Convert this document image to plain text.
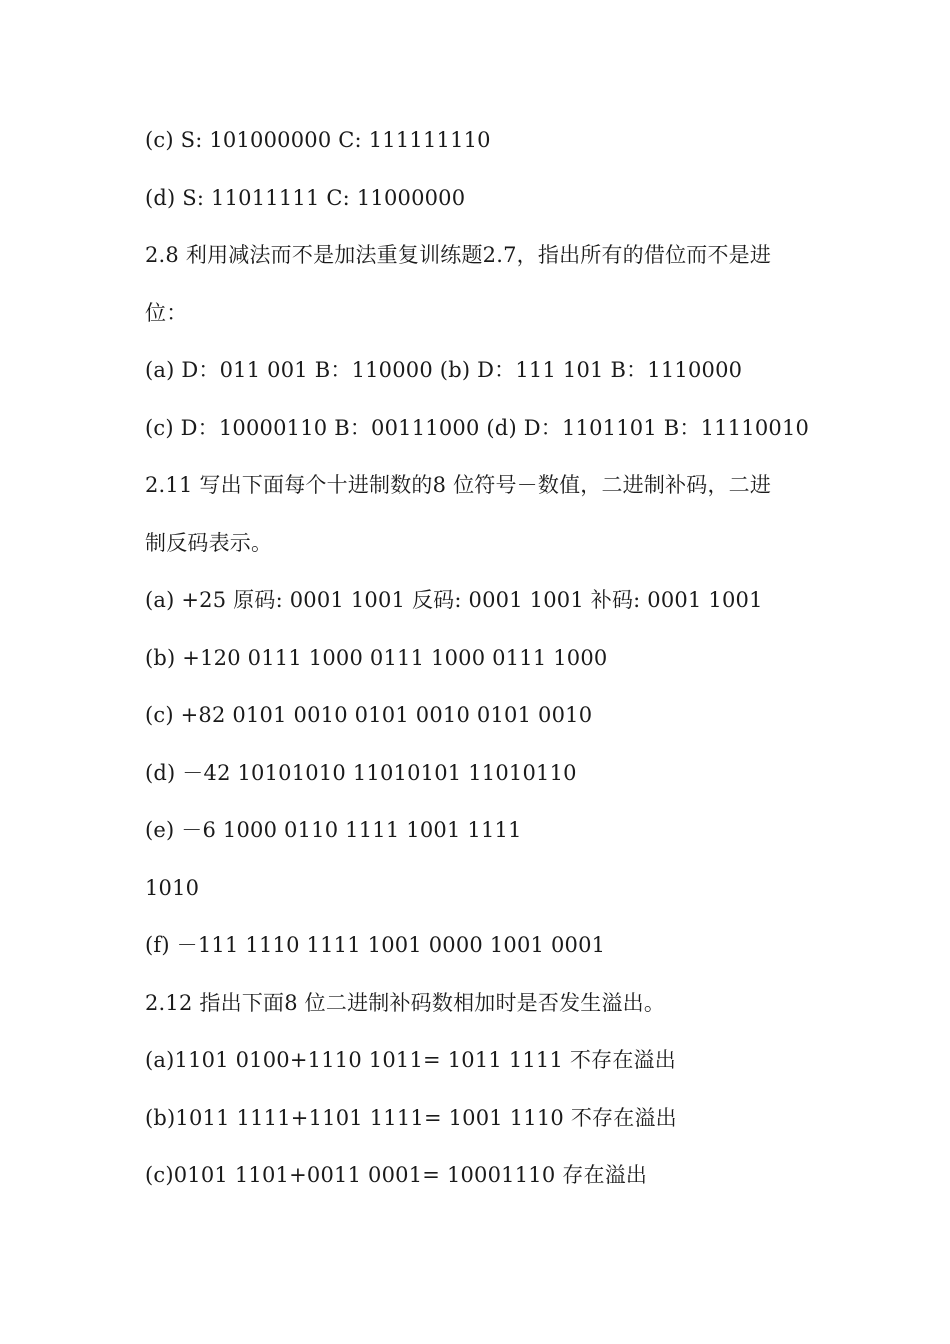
(c) S: 101000000 C: 111111110
(d) S: 11011111 C: 11000000
2.8 利用减法而不是加法重复训练题2.7，指出所有的借位而不是进
位：
(a) D：011 001 B：110000 (b) D：111 101 B：1110000
(c) D：10000110 B：00111000 (d) D：1101101 B：11110010
2.11 写出下面每个十进制数的8 位符号－数值，二进制补码，二进
制反码表示。
(a) +25 原码: 0001 1001 反码: 0001 1001 补码: 0001 1001
(b) +120 0111 1000 0111 1000 0111 1000
(c) +82 0101 0010 0101 0010 0101 0010
(d) －42 10101010 11010101 11010110
(e) －6 1000 0110 1111 1001 1111
1010
(f) －111 1110 1111 1001 0000 1001 0001
2.12 指出下面8 位二进制补码数相加时是否发生溢出。
(a)1101 0100+1110 1011= 1011 1111 不存在溢出
(b)1011 1111+1101 1111= 1001 1110 不存在溢出
(c)0101 1101+0011 0001= 10001110 存在溢出
